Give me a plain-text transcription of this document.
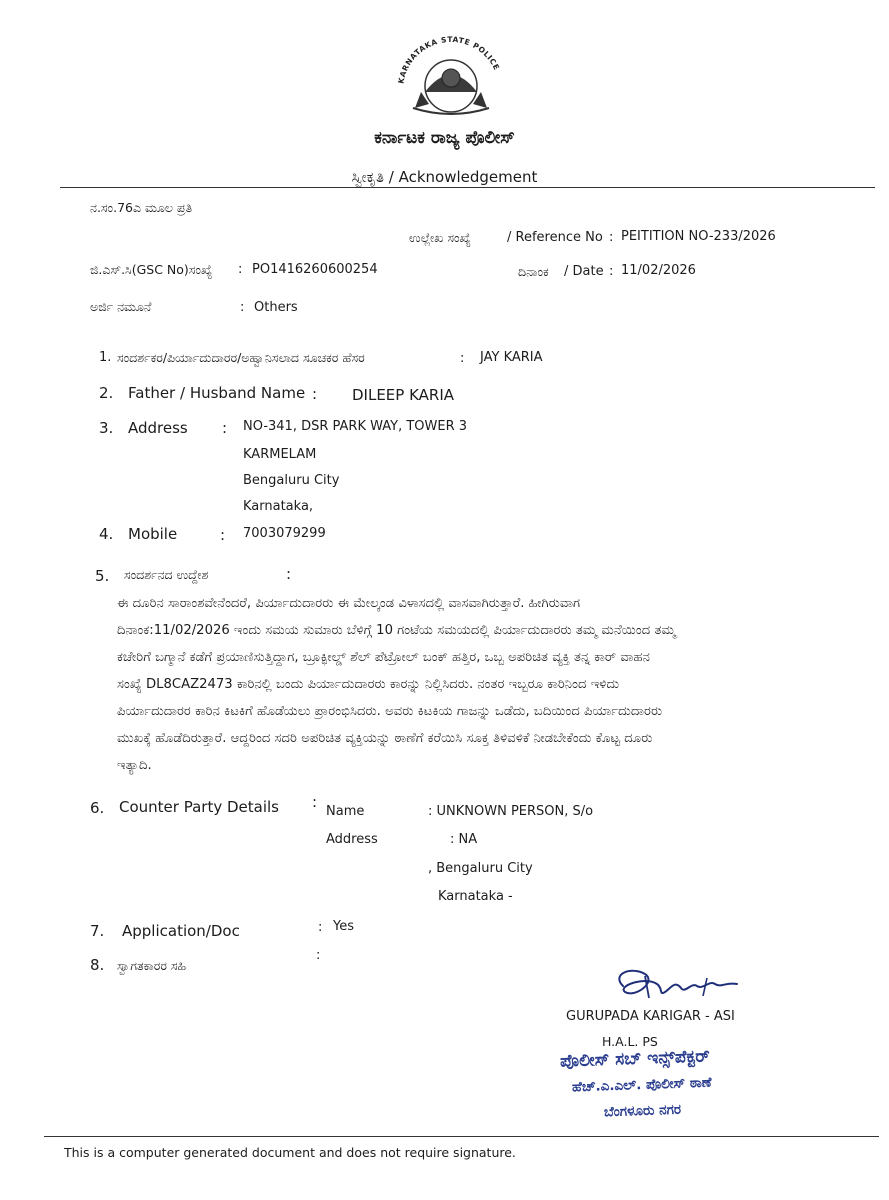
KARNATAKA STATE POLICE
ಕರ್ನಾಟಕ ರಾಜ್ಯ ಪೊಲೀಸ್
ಸ್ವೀಕೃತಿ / Acknowledgement
ನ.ಸಂ.76ಎ ಮೂಲ ಪ್ರತಿ
ಉಲ್ಲೇಖ ಸಂಖ್ಯೆ	/ Reference No : PEITITION NO-233/2026
ಜಿ.ಎಸ್.ಸಿ(GSC No)ಸಂಖ್ಯೆ : PO1416260600254	ದಿನಾಂಕ / Date : 11/02/2026
ಅರ್ಜಿ ನಮೂನೆ	: Others
1. ಸಂದರ್ಶಕರ/ಪಿರ್ಯಾದುದಾರರ/ಅಹ್ವಾನಿಸಲಾದ ಸೂಚಕರ ಹೆಸರ	: JAY KARIA
2. Father / Husband Name : DILEEP KARIA
3. Address : NO-341, DSR PARK WAY, TOWER 3
KARMELAM
Bengaluru City
Karnataka,
4. Mobile	: 7003079299
5. ಸಂದರ್ಶನದ ಉದ್ದೇಶ	:
ಈ ದೂರಿನ ಸಾರಾಂಶವೇನೆಂದರೆ, ಪಿರ್ಯಾದುದಾರರು ಈ ಮೇಲ್ಕಂಡ ವಿಳಾಸದಲ್ಲಿ ವಾಸವಾಗಿರುತ್ತಾರೆ. ಹೀಗಿರುವಾಗ
ದಿನಾಂಕ:11/02/2026 ಇಂದು ಸಮಯ ಸುಮಾರು ಬೆಳಿಗ್ಗೆ 10 ಗಂಟೆಯ ಸಮಯದಲ್ಲಿ ಪಿರ್ಯಾದುದಾರರು ತಮ್ಮ ಮನೆಯಿಂದ ತಮ್ಮ
ಕಚೇರಿಗೆ ಬಗ್ಮಾನೆ ಕಡೆಗೆ ಪ್ರಯಾಣಿಸುತ್ತಿದ್ದಾಗ, ಬ್ರೂಕ್ಫೀಲ್ಡ್ ಶೆಲ್ ಪೆಟ್ರೋಲ್ ಬಂಕ್ ಹತ್ತಿರ, ಒಬ್ಬ ಅಪರಿಚಿತ ವ್ಯಕ್ತಿ ತನ್ನ ಕಾರ್ ವಾಹನ
ಸಂಖ್ಯೆ DL8CAZ2473 ಕಾರಿನಲ್ಲಿ ಬಂದು ಪಿರ್ಯಾದುದಾರರು ಕಾರನ್ನು ನಿಲ್ಲಿಸಿದರು. ನಂತರ ಇಬ್ಬರೂ ಕಾರಿನಿಂದ ಇಳಿದು
ಪಿರ್ಯಾದುದಾರರ ಕಾರಿನ ಕಿಟಕಿಗೆ ಹೊಡೆಯಲು ಪ್ರಾರಂಭಿಸಿದರು. ಅವರು ಕಿಟಕಿಯ ಗಾಜನ್ನು ಒಡೆದು, ಬದಿಯಿಂದ ಪಿರ್ಯಾದುದಾರರು
ಮುಖಕ್ಕೆ ಹೊಡೆದಿರುತ್ತಾರೆ. ಆದ್ದರಿಂದ ಸದರಿ ಅಪರಿಚಿತ ವ್ಯಕ್ತಿಯನ್ನು ಠಾಣೆಗೆ ಕರೆಯಿಸಿ ಸೂಕ್ತ ತಿಳಿವಳಿಕೆ ನೀಡಬೇಕೆಂದು ಕೊಟ್ಟ ದೂರು
ಇತ್ಯಾದಿ.
6. Counter Party Details :
Name	: UNKNOWN PERSON, S/o
Address	: NA
, Bengaluru City
Karnataka -
7. Application/Doc	: Yes
8. ಸ್ವಾಗತಕಾರರ ಸಹಿ
:
GURUPADA KARIGAR - ASI
H.A.L. PS
ಪೊಲೀಸ್ ಸಬ್ ಇನ್ಸ್‌ಪೆಕ್ಟರ್
ಹೆಚ್.ಎ.ಎಲ್. ಪೊಲೀಸ್ ಠಾಣೆ
ಬೆಂಗಳೂರು ನಗರ
This is a computer generated document and does not require signature.
